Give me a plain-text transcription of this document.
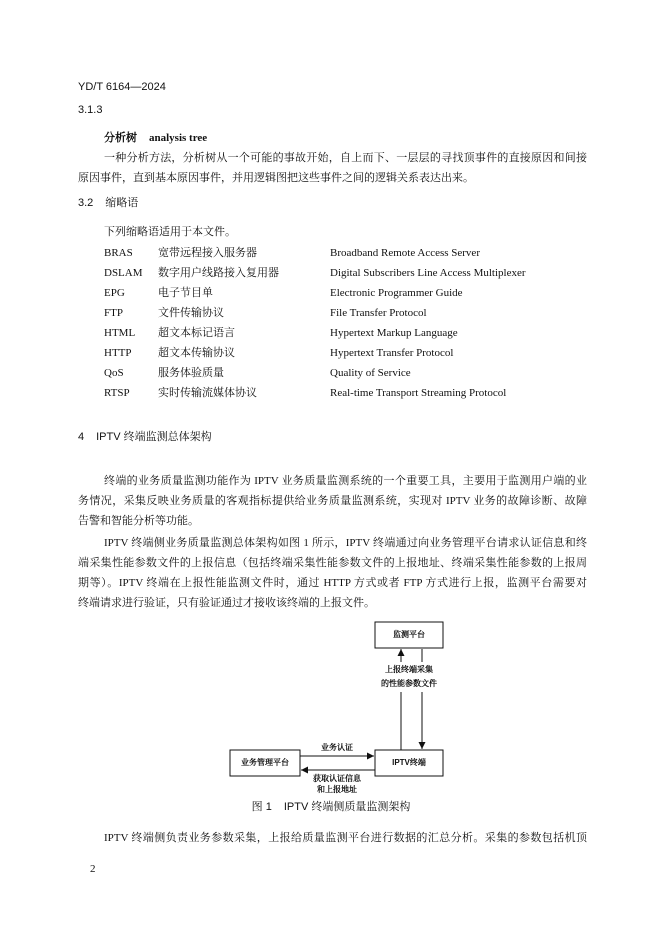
YD/T 6164—2024
3.1.3
分析树 analysis tree
一种分析方法，分析树从一个可能的事故开始，自上而下、一层层的寻找顶事件的直接原因和间接
原因事件，直到基本原因事件，并用逻辑图把这些事件之间的逻辑关系表达出来。
3.2 缩略语
下列缩略语适用于本文件。
BRAS 宽带远程接入服务器	Broadband Remote Access Server
DSLAM 数字用户线路接入复用器	Digital Subscribers Line Access Multiplexer
EPG	电子节目单	Electronic Programmer Guide
FTP	文件传输协议	File Transfer Protocol
HTML 超文本标记语言	Hypertext Markup Language
HTTP 超文本传输协议	Hypertext Transfer Protocol
QoS	服务体验质量	Quality of Service
RTSP	实时传输流媒体协议	Real-time Transport Streaming Protocol
4 IPTV 终端监测总体架构
终端的业务质量监测功能作为 IPTV 业务质量监测系统的一个重要工具，主要用于监测用户端的业
务情况，采集反映业务质量的客观指标提供给业务质量监测系统，实现对 IPTV 业务的故障诊断、故障
告警和智能分析等功能。
IPTV 终端侧业务质量监测总体架构如图 1 所示，IPTV 终端通过向业务管理平台请求认证信息和终
端采集性能参数文件的上报信息（包括终端采集性能参数文件的上报地址、终端采集性能参数的上报周
期等）。IPTV 终端在上报性能监测文件时，通过 HTTP 方式或者 FTP 方式进行上报，监测平台需要对
终端请求进行验证，只有验证通过才接收该终端的上报文件。
监测平台
业务管理平台	IPTV终端
上报终端采集
的性能参数文件
业务认证
获取认证信息
和上报地址
图 1 IPTV 终端侧质量监测架构
IPTV 终端侧负责业务参数采集，上报给质量监测平台进行数据的汇总分析。采集的参数包括机顶
2
